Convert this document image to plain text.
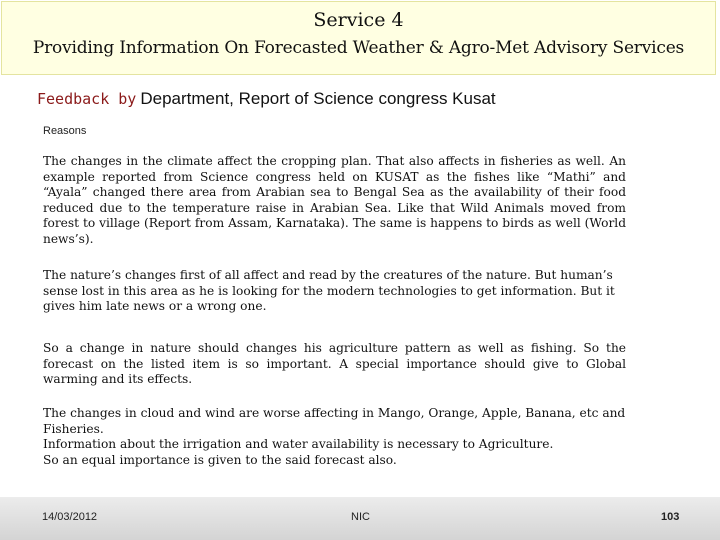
Service 4
Providing Information On Forecasted Weather & Agro-Met Advisory Services
Feedback by Department, Report of Science congress Kusat
Reasons

The changes in the climate affect the cropping plan. That also affects in fisheries as well. An example reported from Science congress held on KUSAT as the fishes like “Mathi” and “Ayala” changed there area from Arabian sea to Bengal Sea as the availability of their food reduced due to the temperature raise in Arabian Sea. Like that Wild Animals moved from forest to village (Report from Assam, Karnataka). The same is happens to birds as well (World news’s).

The nature’s changes first of all affect and read by the creatures of the nature. But human’s sense lost in this area as he is looking for the modern technologies to get information. But it gives him late news or a wrong one.

So a change in nature should changes his agriculture pattern as well as fishing. So the forecast on the listed item is so important. A special importance should give to Global warming and its effects.

The changes in cloud and wind are worse affecting in Mango, Orange, Apple, Banana, etc and Fisheries.
Information about the irrigation and water availability is necessary to Agriculture.
So an equal importance is given to the said forecast also.

14/03/2012	NIC	103
